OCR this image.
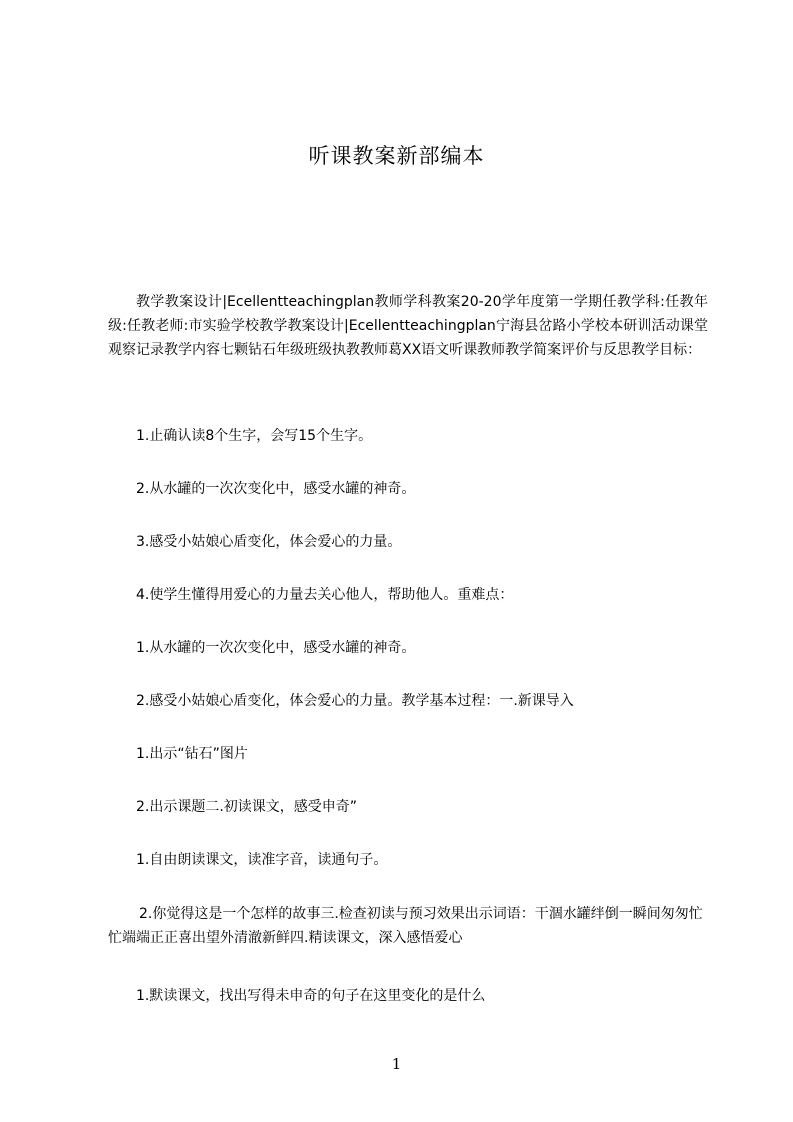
听课教案新部编本

教学教案设计|Ecellentteachingplan教师学科教案20-20学年度第一学期任教学科:任教年级:任教老师:市实验学校教学教案设计|Ecellentteachingplan宁海县岔路小学校本研训活动课堂观察记录教学内容七颗钻石年级班级执教教师葛XX语文听课教师教学简案评价与反思教学目标：

1.止确认读8个生字，会写15个生字。

2.从水罐的一次次变化中，感受水罐的神奇。

3.感受小姑娘心盾变化，体会爱心的力量。

4.使学生懂得用爱心的力量去关心他人，帮助他人。重难点：

1.从水罐的一次次变化中，感受水罐的神奇。

2.感受小姑娘心盾变化，体会爱心的力量。教学基本过程：一.新课导入

1.出示“钻石”图片

2.出示课题二.初读课文，感受申奇”

1.自由朗读课文，读准字音，读通句子。

2.你觉得这是一个怎样的故事三.检查初读与预习效果出示词语：干涸水罐绊倒一瞬间匆匆忙忙端端正正喜出望外清澈新鲜四.精读课文，深入感悟爱心

1.默读课文，找出写得未申奇的句子在这里变化的是什么

1
